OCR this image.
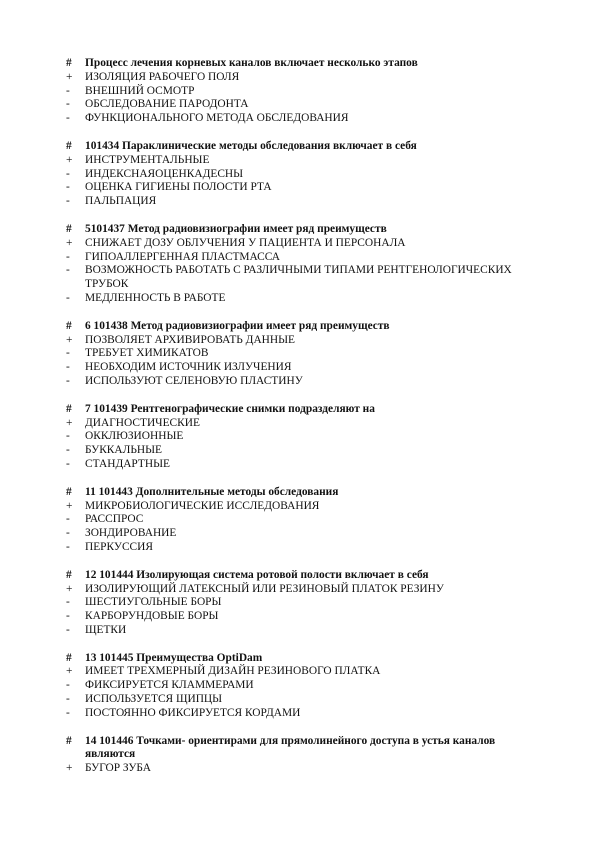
#	Процесс лечения корневых каналов включает несколько этапов
+	ИЗОЛЯЦИЯ РАБОЧЕГО ПОЛЯ
-	ВНЕШНИЙ ОСМОТР
-	ОБСЛЕДОВАНИЕ ПАРОДОНТА
-	ФУНКЦИОНАЛЬНОГО МЕТОДА ОБСЛЕДОВАНИЯ
#	101434 Параклинические методы обследования включает в себя
+	ИНСТРУМЕНТАЛЬНЫЕ
-	ИНДЕКСНАЯОЦЕНКАДЕСНЫ
-	ОЦЕНКА ГИГИЕНЫ ПОЛОСТИ РТА
-	ПАЛЬПАЦИЯ
#	5101437 Метод радиовизиографии имеет ряд преимуществ
+	СНИЖАЕТ ДОЗУ ОБЛУЧЕНИЯ У ПАЦИЕНТА И ПЕРСОНАЛА
-	ГИПОАЛЛЕРГЕННАЯ ПЛАСТМАССА
-	ВОЗМОЖНОСТЬ РАБОТАТЬ С РАЗЛИЧНЫМИ ТИПАМИ РЕНТГЕНОЛОГИЧЕСКИХ ТРУБОК
-	МЕДЛЕННОСТЬ В РАБОТЕ
#	6 101438 Метод радиовизиографии имеет ряд преимуществ
+	ПОЗВОЛЯЕТ АРХИВИРОВАТЬ ДАННЫЕ
-	ТРЕБУЕТ ХИМИКАТОВ
-	НЕОБХОДИМ ИСТОЧНИК ИЗЛУЧЕНИЯ
-	ИСПОЛЬЗУЮТ СЕЛЕНОВУЮ ПЛАСТИНУ
#	7 101439 Рентгенографические снимки подразделяют на
+	ДИАГНОСТИЧЕСКИЕ
-	ОККЛЮЗИОННЫЕ
-	БУККАЛЬНЫЕ
-	СТАНДАРТНЫЕ
#	11 101443 Дополнительные методы обследования
+	МИКРОБИОЛОГИЧЕСКИЕ ИССЛЕДОВАНИЯ
-	РАССПРОС
-	ЗОНДИРОВАНИЕ
-	ПЕРКУССИЯ
#	12 101444 Изолирующая система ротовой полости включает в себя
+	ИЗОЛИРУЮЩИЙ ЛАТЕКСНЫЙ ИЛИ РЕЗИНОВЫЙ ПЛАТОК РЕЗИНУ
-	ШЕСТИУГОЛЬНЫЕ БОРЫ
-	КАРБОРУНДОВЫЕ БОРЫ
-	ЩЕТКИ
#	13 101445 Преимущества OptiDam
+	ИМЕЕТ ТРЕХМЕРНЫЙ ДИЗАЙН РЕЗИНОВОГО ПЛАТКА
-	ФИКСИРУЕТСЯ КЛАММЕРАМИ
-	ИСПОЛЬЗУЕТСЯ ЩИПЦЫ
-	ПОСТОЯННО ФИКСИРУЕТСЯ КОРДАМИ
#	14 101446 Точками- ориентирами для прямолинейного доступа в устья каналов являются
+	БУГОР ЗУБА
